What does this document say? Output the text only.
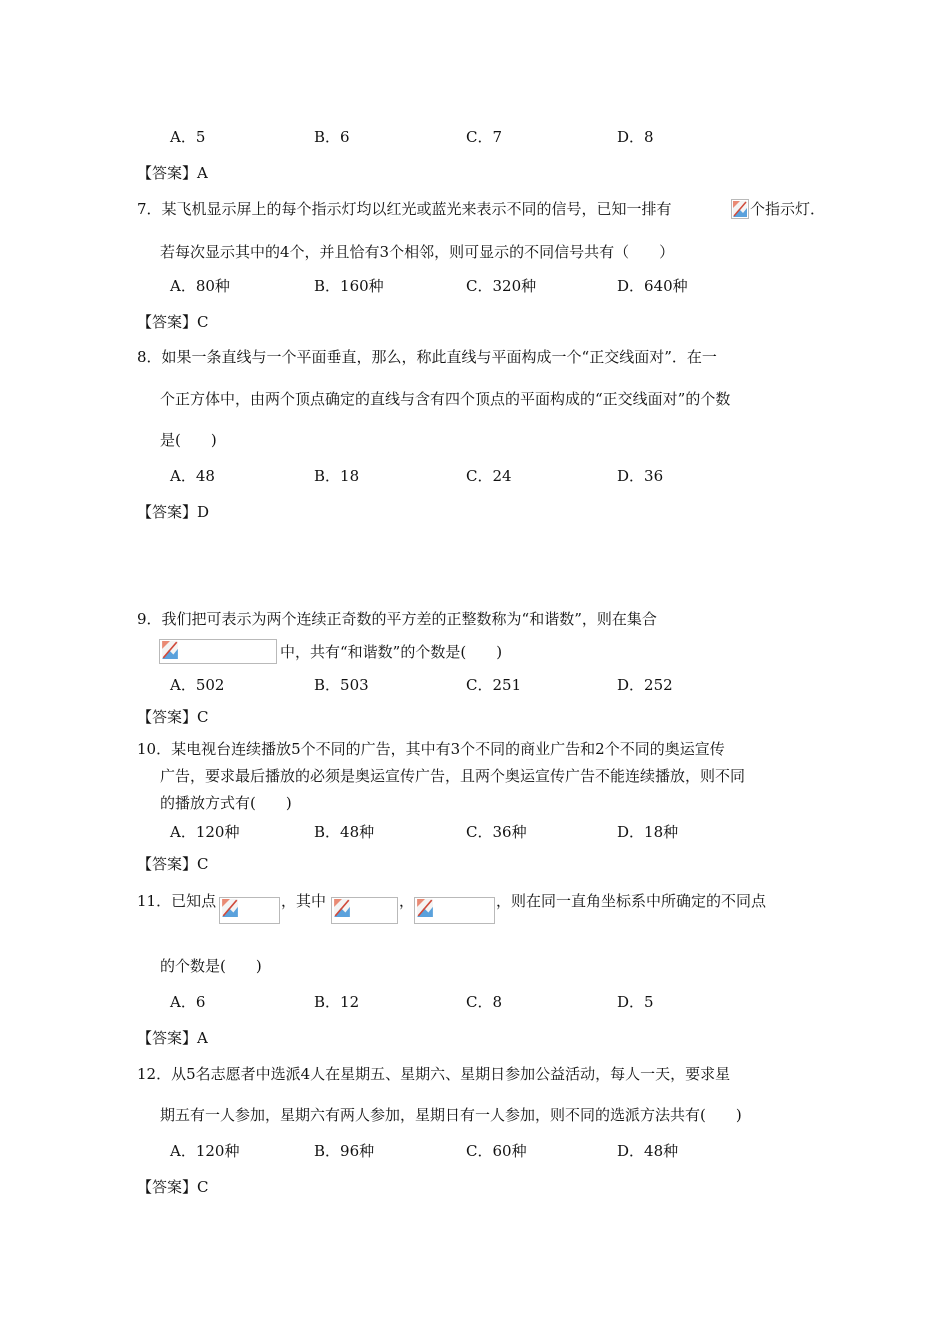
A．5	B．6	C．7	D．8
【答案】A
7．某飞机显示屏上的每个指示灯均以红光或蓝光来表示不同的信号，已知一排有	个指示灯．
若每次显示其中的4个，并且恰有3个相邻，则可显示的不同信号共有（　　）
A．80种	B．160种	C．320种	D．640种
【答案】C
8．如果一条直线与一个平面垂直，那么，称此直线与平面构成一个“正交线面对”．在一
个正方体中，由两个顶点确定的直线与含有四个顶点的平面构成的“正交线面对”的个数
是(　　)
A．48	B．18	C．24	D．36
【答案】D
9．我们把可表示为两个连续正奇数的平方差的正整数称为“和谐数”，则在集合
中，共有“和谐数”的个数是(　　)
A．502	B．503	C．251	D．252
【答案】C
10．某电视台连续播放5个不同的广告，其中有3个不同的商业广告和2个不同的奥运宣传
广告，要求最后播放的必须是奥运宣传广告，且两个奥运宣传广告不能连续播放，则不同
的播放方式有(　　)
A．120种	B．48种	C．36种	D．18种
【答案】C
11．已知点	，其中	，	，则在同一直角坐标系中所确定的不同点
的个数是(　　)
A．6	B．12	C．8	D．5
【答案】A
12．从5名志愿者中选派4人在星期五、星期六、星期日参加公益活动，每人一天，要求星
期五有一人参加，星期六有两人参加，星期日有一人参加，则不同的选派方法共有(　　)
A．120种	B．96种	C．60种	D．48种
【答案】C
